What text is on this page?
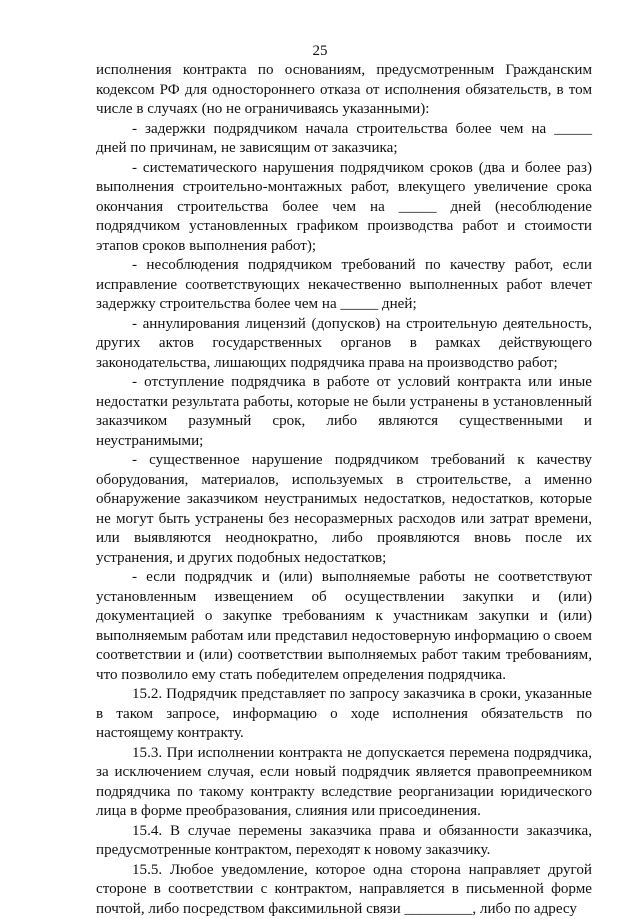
25

исполнения контракта по основаниям, предусмотренным Гражданским кодексом РФ для одностороннего отказа от исполнения обязательств, в том числе в случаях (но не ограничиваясь указанными):

- задержки подрядчиком начала строительства более чем на _____ дней по причинам, не зависящим от заказчика;

- систематического нарушения подрядчиком сроков (два и более раз) выполнения строительно-монтажных работ, влекущего увеличение срока окончания строительства более чем на _____ дней (несоблюдение подрядчиком установленных графиком производства работ и стоимости этапов сроков выполнения работ);

- несоблюдения подрядчиком требований по качеству работ, если исправление соответствующих некачественно выполненных работ влечет задержку строительства более чем на _____ дней;

- аннулирования лицензий (допусков) на строительную деятельность, других актов государственных органов в рамках действующего законодательства, лишающих подрядчика права на производство работ;

- отступление подрядчика в работе от условий контракта или иные недостатки результата работы, которые не были устранены в установленный заказчиком разумный срок, либо являются существенными и неустранимыми;

- существенное нарушение подрядчиком требований к качеству оборудования, материалов, используемых в строительстве, а именно обнаружение заказчиком неустранимых недостатков, недостатков, которые не могут быть устранены без несоразмерных расходов или затрат времени, или выявляются неоднократно, либо проявляются вновь после их устранения, и других подобных недостатков;

- если подрядчик и (или) выполняемые работы не соответствуют установленным извещением об осуществлении закупки и (или) документацией о закупке требованиям к участникам закупки и (или) выполняемым работам или представил недостоверную информацию о своем соответствии и (или) соответствии выполняемых работ таким требованиям, что позволило ему стать победителем определения подрядчика.

15.2. Подрядчик представляет по запросу заказчика в сроки, указанные в таком запросе, информацию о ходе исполнения обязательств по настоящему контракту.

15.3. При исполнении контракта не допускается перемена подрядчика, за исключением случая, если новый подрядчик является правопреемником подрядчика по такому контракту вследствие реорганизации юридического лица в форме преобразования, слияния или присоединения.

15.4. В случае перемены заказчика права и обязанности заказчика, предусмотренные контрактом, переходят к новому заказчику.

15.5. Любое уведомление, которое одна сторона направляет другой стороне в соответствии с контрактом, направляется в письменной форме почтой, либо посредством факсимильной связи _________, либо по адресу
